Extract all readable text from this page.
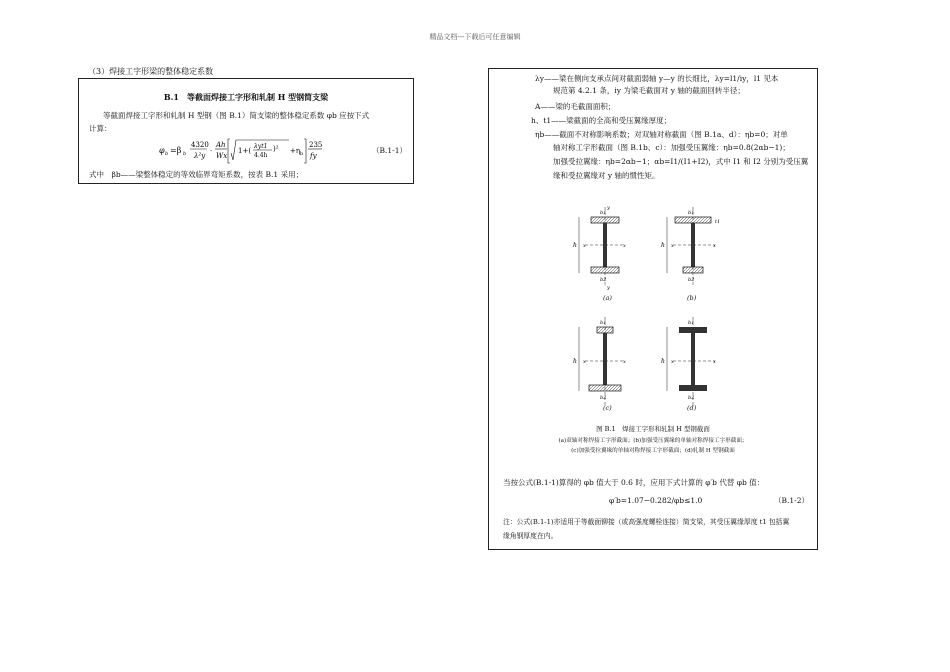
精品文档---下载后可任意编辑
（3）焊接工字形梁的整体稳定系数
B.1　等截面焊接工字形和轧制 H 型钢简支梁
等截面焊接工字形和轧制 H 型钢（图 B.1）简支梁的整体稳定系数 φb 应按下式
计算：
φ b =β b
4320
λ²y
·
Ah
Wx
1+(
λyt1
4.4h
)² +η b
235
fy
（B.1-1）
式中　βb——梁整体稳定的等效临界弯矩系数，按表 B.1 采用；
λy——梁在侧向支承点间对截面弱轴 y—y 的长细比，λy=l1/iy，l1 见本
规范第 4.2.1 条，iy 为梁毛截面对 y 轴的截面回转半径；
A——梁的毛截面面积；
h、t1——梁截面的全高和受压翼缘厚度；
ηb——截面不对称影响系数；对双轴对称截面（图 B.1a、d）：ηb=0；对单
轴对称工字形截面（图 B.1b、c）：加强受压翼缘：ηb=0.8(2αb−1)；
加强受拉翼缘：ηb=2αb−1；αb=I1/(I1+I2)，式中 I1 和 I2 分别为受压翼
缘和受拉翼缘对 y 轴的惯性矩。
h
b1
b2
x	x
y
y
h
b1
b2
t1
x	x
h
b1
b2
x	x	h
b1
b2
x	x
(a)	(b)
(c)	(d)
图 B.1　焊接工字形和轧制 H 型钢截面
(a)双轴对称焊接工字形截面；(b)加强受压翼缘的单轴对称焊接工字形截面；
(c)加强受拉翼缘的单轴对称焊接工字形截面；(d)轧制 H 型钢截面
当按公式(B.1-1)算得的 φb 值大于 0.6 时，应用下式计算的 φ′b 代替 φb 值：
φ′b=1.07−0.282/φb≤1.0	（B.1-2）
注：公式(B.1-1)亦适用于等截面铆接（或高强度螺栓连接）简支梁，其受压翼缘厚度 t1 包括翼
缘角钢厚度在内。
